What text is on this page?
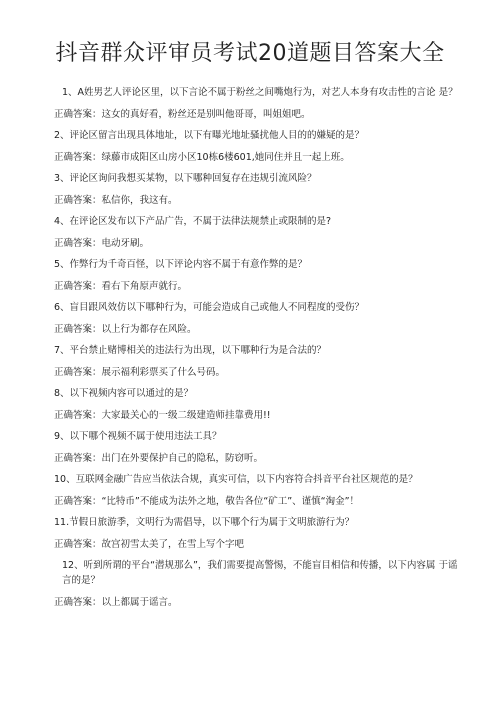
抖音群众评审员考试20道题目答案大全

1、A姓男艺人评论区里，以下言论不属于粉丝之间嘴炮行为，对艺人本身有攻击性的言论 是？

正确答案：这女的真好看，粉丝还是别叫他哥哥，叫姐姐吧。

2、评论区留言出现具体地址，以下有曝光地址骚扰他人目的的嫌疑的是？

正确答案：绿藤市成阳区山房小区10栋6楼601,她同住并且一起上班。

3、评论区询问我想买某物，以下哪种回复存在违规引流风险？

正确答案：私信你，我这有。

4、在评论区发布以下产品广告，不属于法律法规禁止或限制的是?

正确答案：电动牙刷。

5、作弊行为千奇百怪，以下评论内容不属于有意作弊的是？

正确答案：看右下角原声就行。

6、盲目跟风效仿以下哪种行为，可能会造成自己或他人不同程度的受伤？

正确答案：以上行为都存在风险。

7、平台禁止赌博相关的违法行为出现，以下哪种行为是合法的？

正确答案：展示福利彩票买了什么号码。

8、以下视频内容可以通过的是？

正确答案：大家最关心的一级二级建造师挂靠费用!!

9、以下哪个视频不属于使用违法工具？

正确答案：出门在外要保护自己的隐私，防窃听。

10、互联网金融广告应当依法合规，真实可信，以下内容符合抖音平台社区规范的是？

正确答案：“比特币”不能成为法外之地，敬告各位“矿工”、谨慎“淘金”！

11.节假日旅游季，文明行为需倡导，以下哪个行为属于文明旅游行为？

正确答案：故宫初雪太美了，在雪上写个字吧

12、听到所谓的平台“潜规那么”，我们需要提高警惕，不能盲目相信和传播，以下内容属 于谣言的是？

正确答案：以上都属于谣言。
